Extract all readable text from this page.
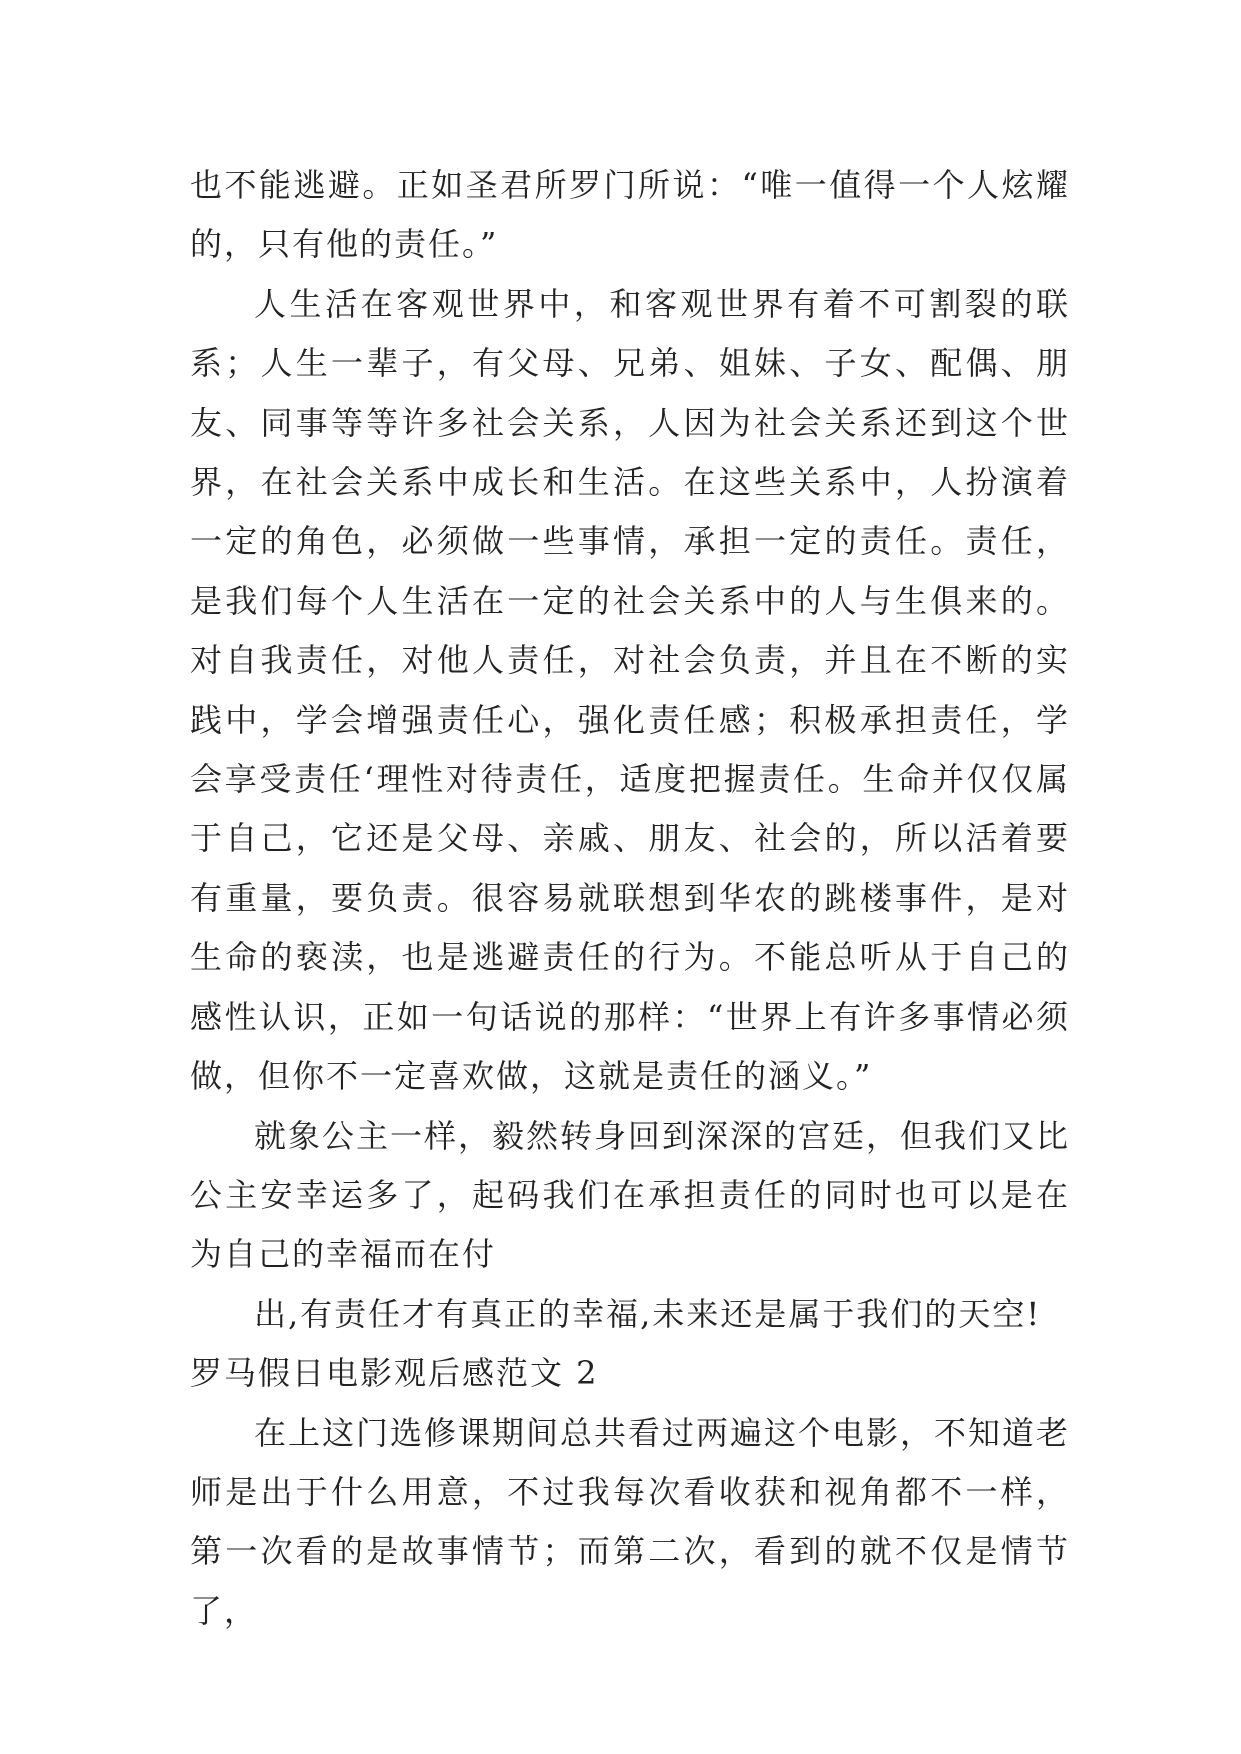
也不能逃避。正如圣君所罗门所说：“唯一值得一个人炫耀的，只有他的责任。”

人生活在客观世界中，和客观世界有着不可割裂的联系；人生一辈子，有父母、兄弟、姐妹、子女、配偶、朋友、同事等等许多社会关系，人因为社会关系还到这个世界，在社会关系中成长和生活。在这些关系中，人扮演着一定的角色，必须做一些事情，承担一定的责任。责任，是我们每个人生活在一定的社会关系中的人与生俱来的。对自我责任，对他人责任，对社会负责，并且在不断的实践中，学会增强责任心，强化责任感；积极承担责任，学会享受责任‘理性对待责任，适度把握责任。生命并仅仅属于自己，它还是父母、亲戚、朋友、社会的，所以活着要有重量，要负责。很容易就联想到华农的跳楼事件，是对生命的亵渎，也是逃避责任的行为。不能总听从于自己的感性认识，正如一句话说的那样：“世界上有许多事情必须做，但你不一定喜欢做，这就是责任的涵义。”

就象公主一样，毅然转身回到深深的宫廷，但我们又比公主安幸运多了，起码我们在承担责任的同时也可以是在为自己的幸福而在付

出,有责任才有真正的幸福,未来还是属于我们的天空!

罗马假日电影观后感范文 2

在上这门选修课期间总共看过两遍这个电影，不知道老师是出于什么用意，不过我每次看收获和视角都不一样，第一次看的是故事情节；而第二次，看到的就不仅是情节了，
